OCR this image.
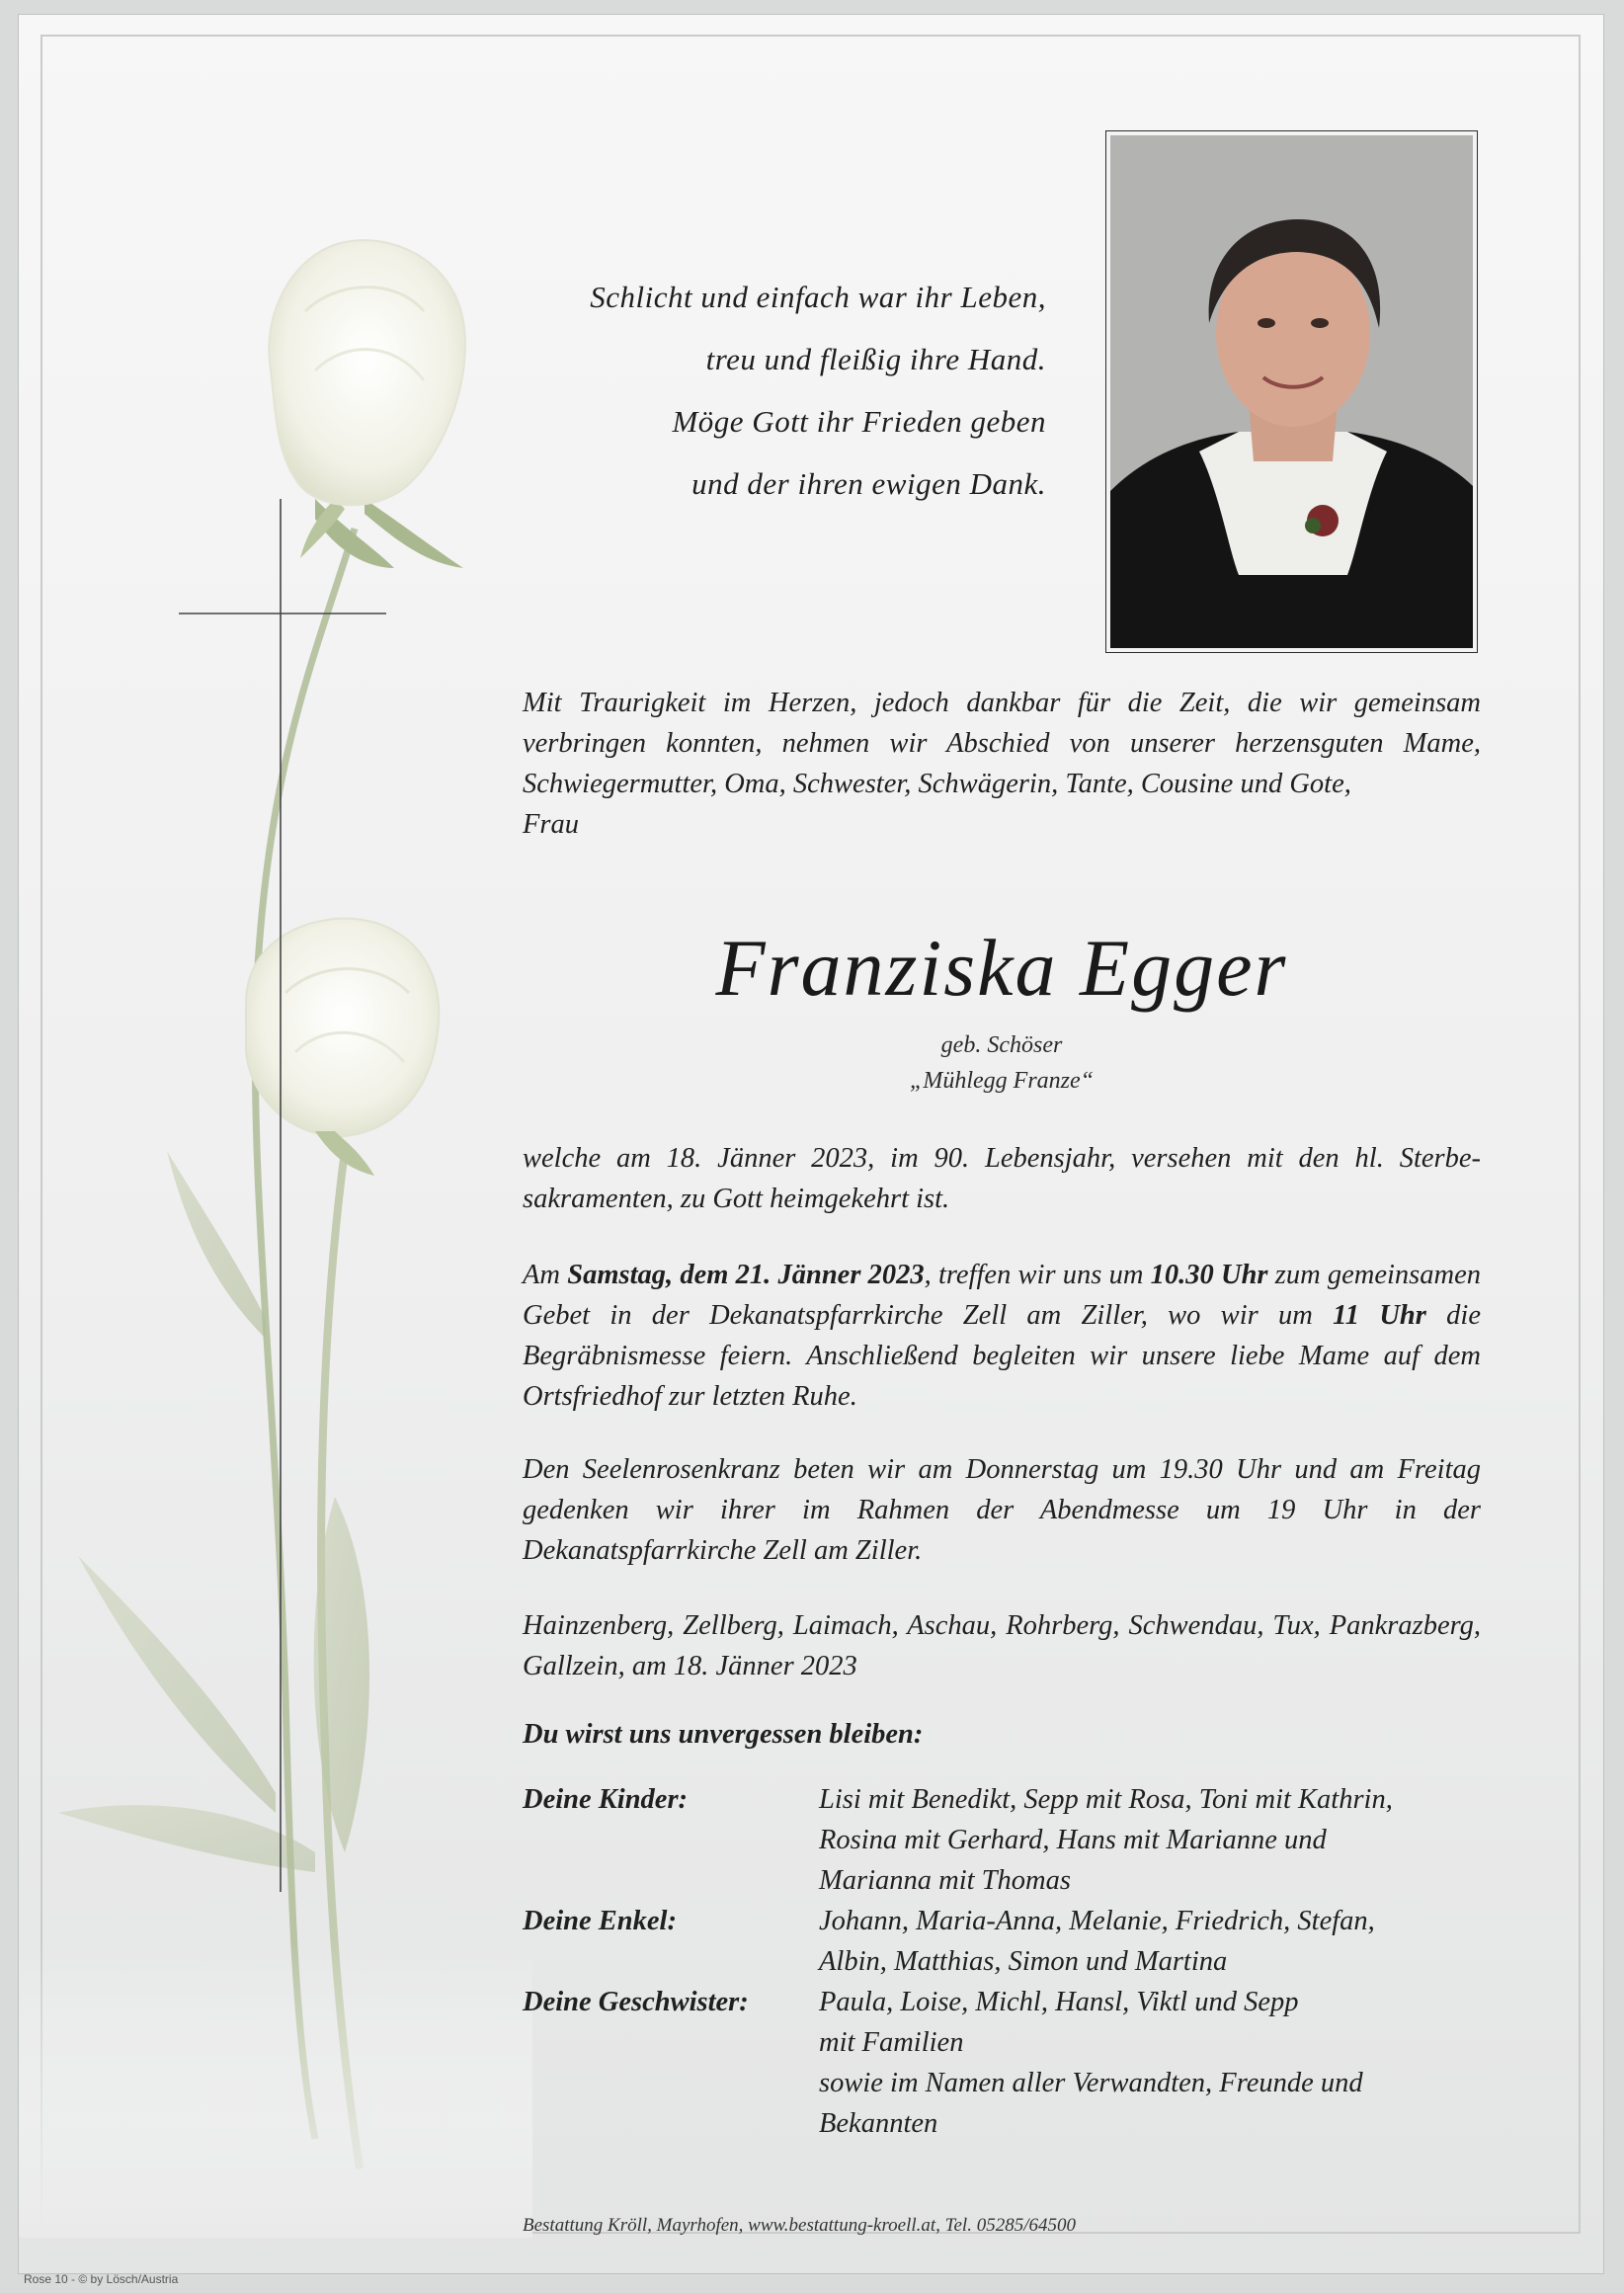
Schlicht und einfach war ihr Leben,
treu und fleißig ihre Hand.
Möge Gott ihr Frieden geben
und der ihren ewigen Dank.
Mit Traurigkeit im Herzen, jedoch dankbar für die Zeit, die wir gemeinsam verbringen konnten, nehmen wir Abschied von unserer herzensguten Mame, Schwiegermutter, Oma, Schwester, Schwägerin, Tante, Cousine und Gote,
Frau
Franziska Egger
geb. Schöser
„Mühlegg Franze“
welche am 18. Jänner 2023, im 90. Lebensjahr, versehen mit den hl. Sterbesakramenten, zu Gott heimgekehrt ist.
Am Samstag, dem 21. Jänner 2023, treffen wir uns um 10.30 Uhr zum gemeinsamen Gebet in der Dekanatspfarrkirche Zell am Ziller, wo wir um 11 Uhr die Begräbnismesse feiern. Anschließend begleiten wir unsere liebe Mame auf dem Ortsfriedhof zur letzten Ruhe.
Den Seelenrosenkranz beten wir am Donnerstag um 19.30 Uhr und am Freitag gedenken wir ihrer im Rahmen der Abendmesse um 19 Uhr in der Dekanatspfarrkirche Zell am Ziller.
Hainzenberg, Zellberg, Laimach, Aschau, Rohrberg, Schwendau, Tux, Pankrazberg, Gallzein, am 18. Jänner 2023
Du wirst uns unvergessen bleiben:
Deine Kinder:	Lisi mit Benedikt, Sepp mit Rosa, Toni mit Kathrin,
Rosina mit Gerhard, Hans mit Marianne und
Marianna mit Thomas
Deine Enkel:	Johann, Maria-Anna, Melanie, Friedrich, Stefan,
Albin, Matthias, Simon und Martina
Deine Geschwister:	Paula, Loise, Michl, Hansl, Viktl und Sepp
mit Familien
sowie im Namen aller Verwandten, Freunde und
Bekannten
Bestattung Kröll, Mayrhofen, www.bestattung-kroell.at, Tel. 05285/64500
Rose 10 - © by Lösch/Austria
